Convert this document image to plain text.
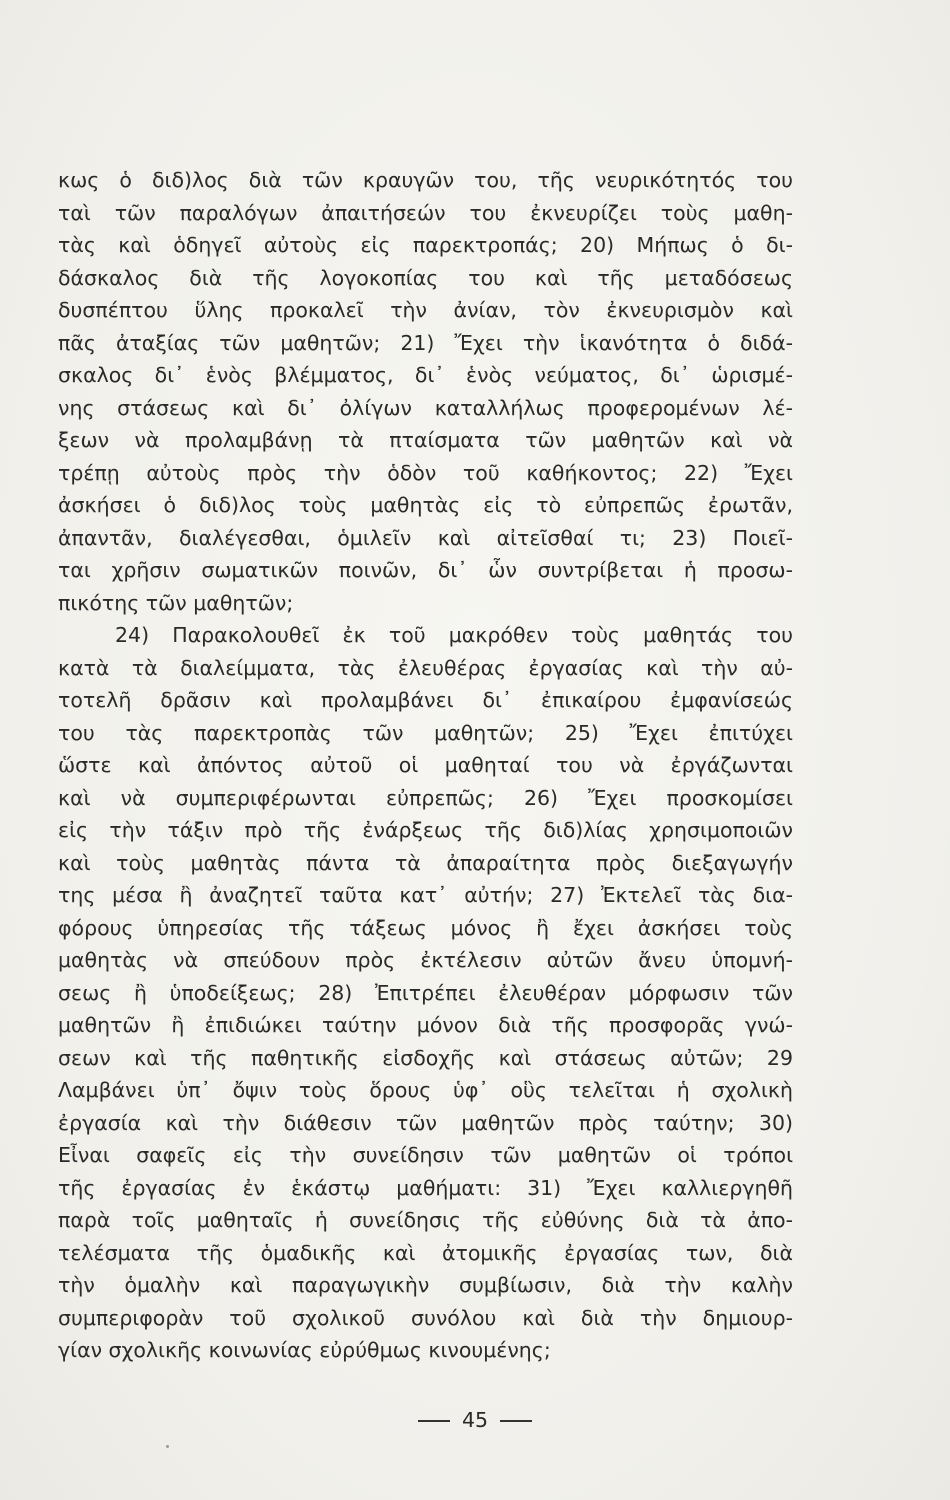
κως ὁ διδ)λος διὰ τῶν κραυγῶν του, τῆς νευρικότητός του
ταὶ τῶν παραλόγων ἀπαιτήσεών του ἐκνευρίζει τοὺς μαθη-
τὰς καὶ ὁδηγεῖ αὐτοὺς εἰς παρεκτροπάς; 20) Μήπως ὁ δι-
δάσκαλος διὰ τῆς λογοκοπίας του καὶ τῆς μεταδόσεως
δυσπέπτου ὕλης προκαλεῖ τὴν ἀνίαν, τὸν ἐκνευρισμὸν καὶ
πᾶς ἀταξίας τῶν μαθητῶν; 21) Ἔχει τὴν ἱκανότητα ὁ διδά-
σκαλος δι᾽ ἑνὸς βλέμματος, δι᾽ ἑνὸς νεύματος, δι᾽ ὡρισμέ-
νης στάσεως καὶ δι᾽ ὀλίγων καταλλήλως προφερομένων λέ-
ξεων νὰ προλαμβάνῃ τὰ πταίσματα τῶν μαθητῶν καὶ νὰ
τρέπῃ αὐτοὺς πρὸς τὴν ὁδὸν τοῦ καθήκοντος; 22) Ἔχει
ἀσκήσει ὁ διδ)λος τοὺς μαθητὰς εἰς τὸ εὐπρεπῶς ἐρωτᾶν,
ἀπαντᾶν, διαλέγεσθαι, ὁμιλεῖν καὶ αἰτεῖσθαί τι; 23) Ποιεῖ-
ται χρῆσιν σωματικῶν ποινῶν, δι᾽ ὧν συντρίβεται ἡ προσω-
πικότης τῶν μαθητῶν;
24) Παρακολουθεῖ ἐκ τοῦ μακρόθεν τοὺς μαθητάς του
κατὰ τὰ διαλείμματα, τὰς ἐλευθέρας ἐργασίας καὶ τὴν αὐ-
τοτελῆ δρᾶσιν καὶ προλαμβάνει δι᾽ ἐπικαίρου ἐμφανίσεώς
του τὰς παρεκτροπὰς τῶν μαθητῶν; 25) Ἔχει ἐπιτύχει
ὥστε καὶ ἀπόντος αὐτοῦ οἱ μαθηταί του νὰ ἐργάζωνται
καὶ νὰ συμπεριφέρωνται εὐπρεπῶς; 26) Ἔχει προσκομίσει
εἰς τὴν τάξιν πρὸ τῆς ἐνάρξεως τῆς διδ)λίας χρησιμοποιῶν
καὶ τοὺς μαθητὰς πάντα τὰ ἀπαραίτητα πρὸς διεξαγωγήν
της μέσα ἢ ἀναζητεῖ ταῦτα κατ᾽ αὐτήν; 27) Ἐκτελεῖ τὰς δια-
φόρους ὑπηρεσίας τῆς τάξεως μόνος ἢ ἔχει ἀσκήσει τοὺς
μαθητὰς νὰ σπεύδουν πρὸς ἐκτέλεσιν αὐτῶν ἄνευ ὑπομνή-
σεως ἢ ὑποδείξεως; 28) Ἐπιτρέπει ἐλευθέραν μόρφωσιν τῶν
μαθητῶν ἢ ἐπιδιώκει ταύτην μόνον διὰ τῆς προσφορᾶς γνώ-
σεων καὶ τῆς παθητικῆς εἰσδοχῆς καὶ στάσεως αὐτῶν; 29
Λαμβάνει ὑπ᾽ ὄψιν τοὺς ὅρους ὑφ᾽ οὓς τελεῖται ἡ σχολικὴ
ἐργασία καὶ τὴν διάθεσιν τῶν μαθητῶν πρὸς ταύτην; 30)
Εἶναι σαφεῖς εἰς τὴν συνείδησιν τῶν μαθητῶν οἱ τρόποι
τῆς ἐργασίας ἐν ἑκάστῳ μαθήματι: 31) Ἔχει καλλιεργηθῆ
παρὰ τοῖς μαθηταῖς ἡ συνείδησις τῆς εὐθύνης διὰ τὰ ἀπο-
τελέσματα τῆς ὁμαδικῆς καὶ ἀτομικῆς ἐργασίας των, διὰ
τὴν ὁμαλὴν καὶ παραγωγικὴν συμβίωσιν, διὰ τὴν καλὴν
συμπεριφορὰν τοῦ σχολικοῦ συνόλου καὶ διὰ τὴν δημιουρ-
γίαν σχολικῆς κοινωνίας εὐρύθμως κινουμένης;
45
